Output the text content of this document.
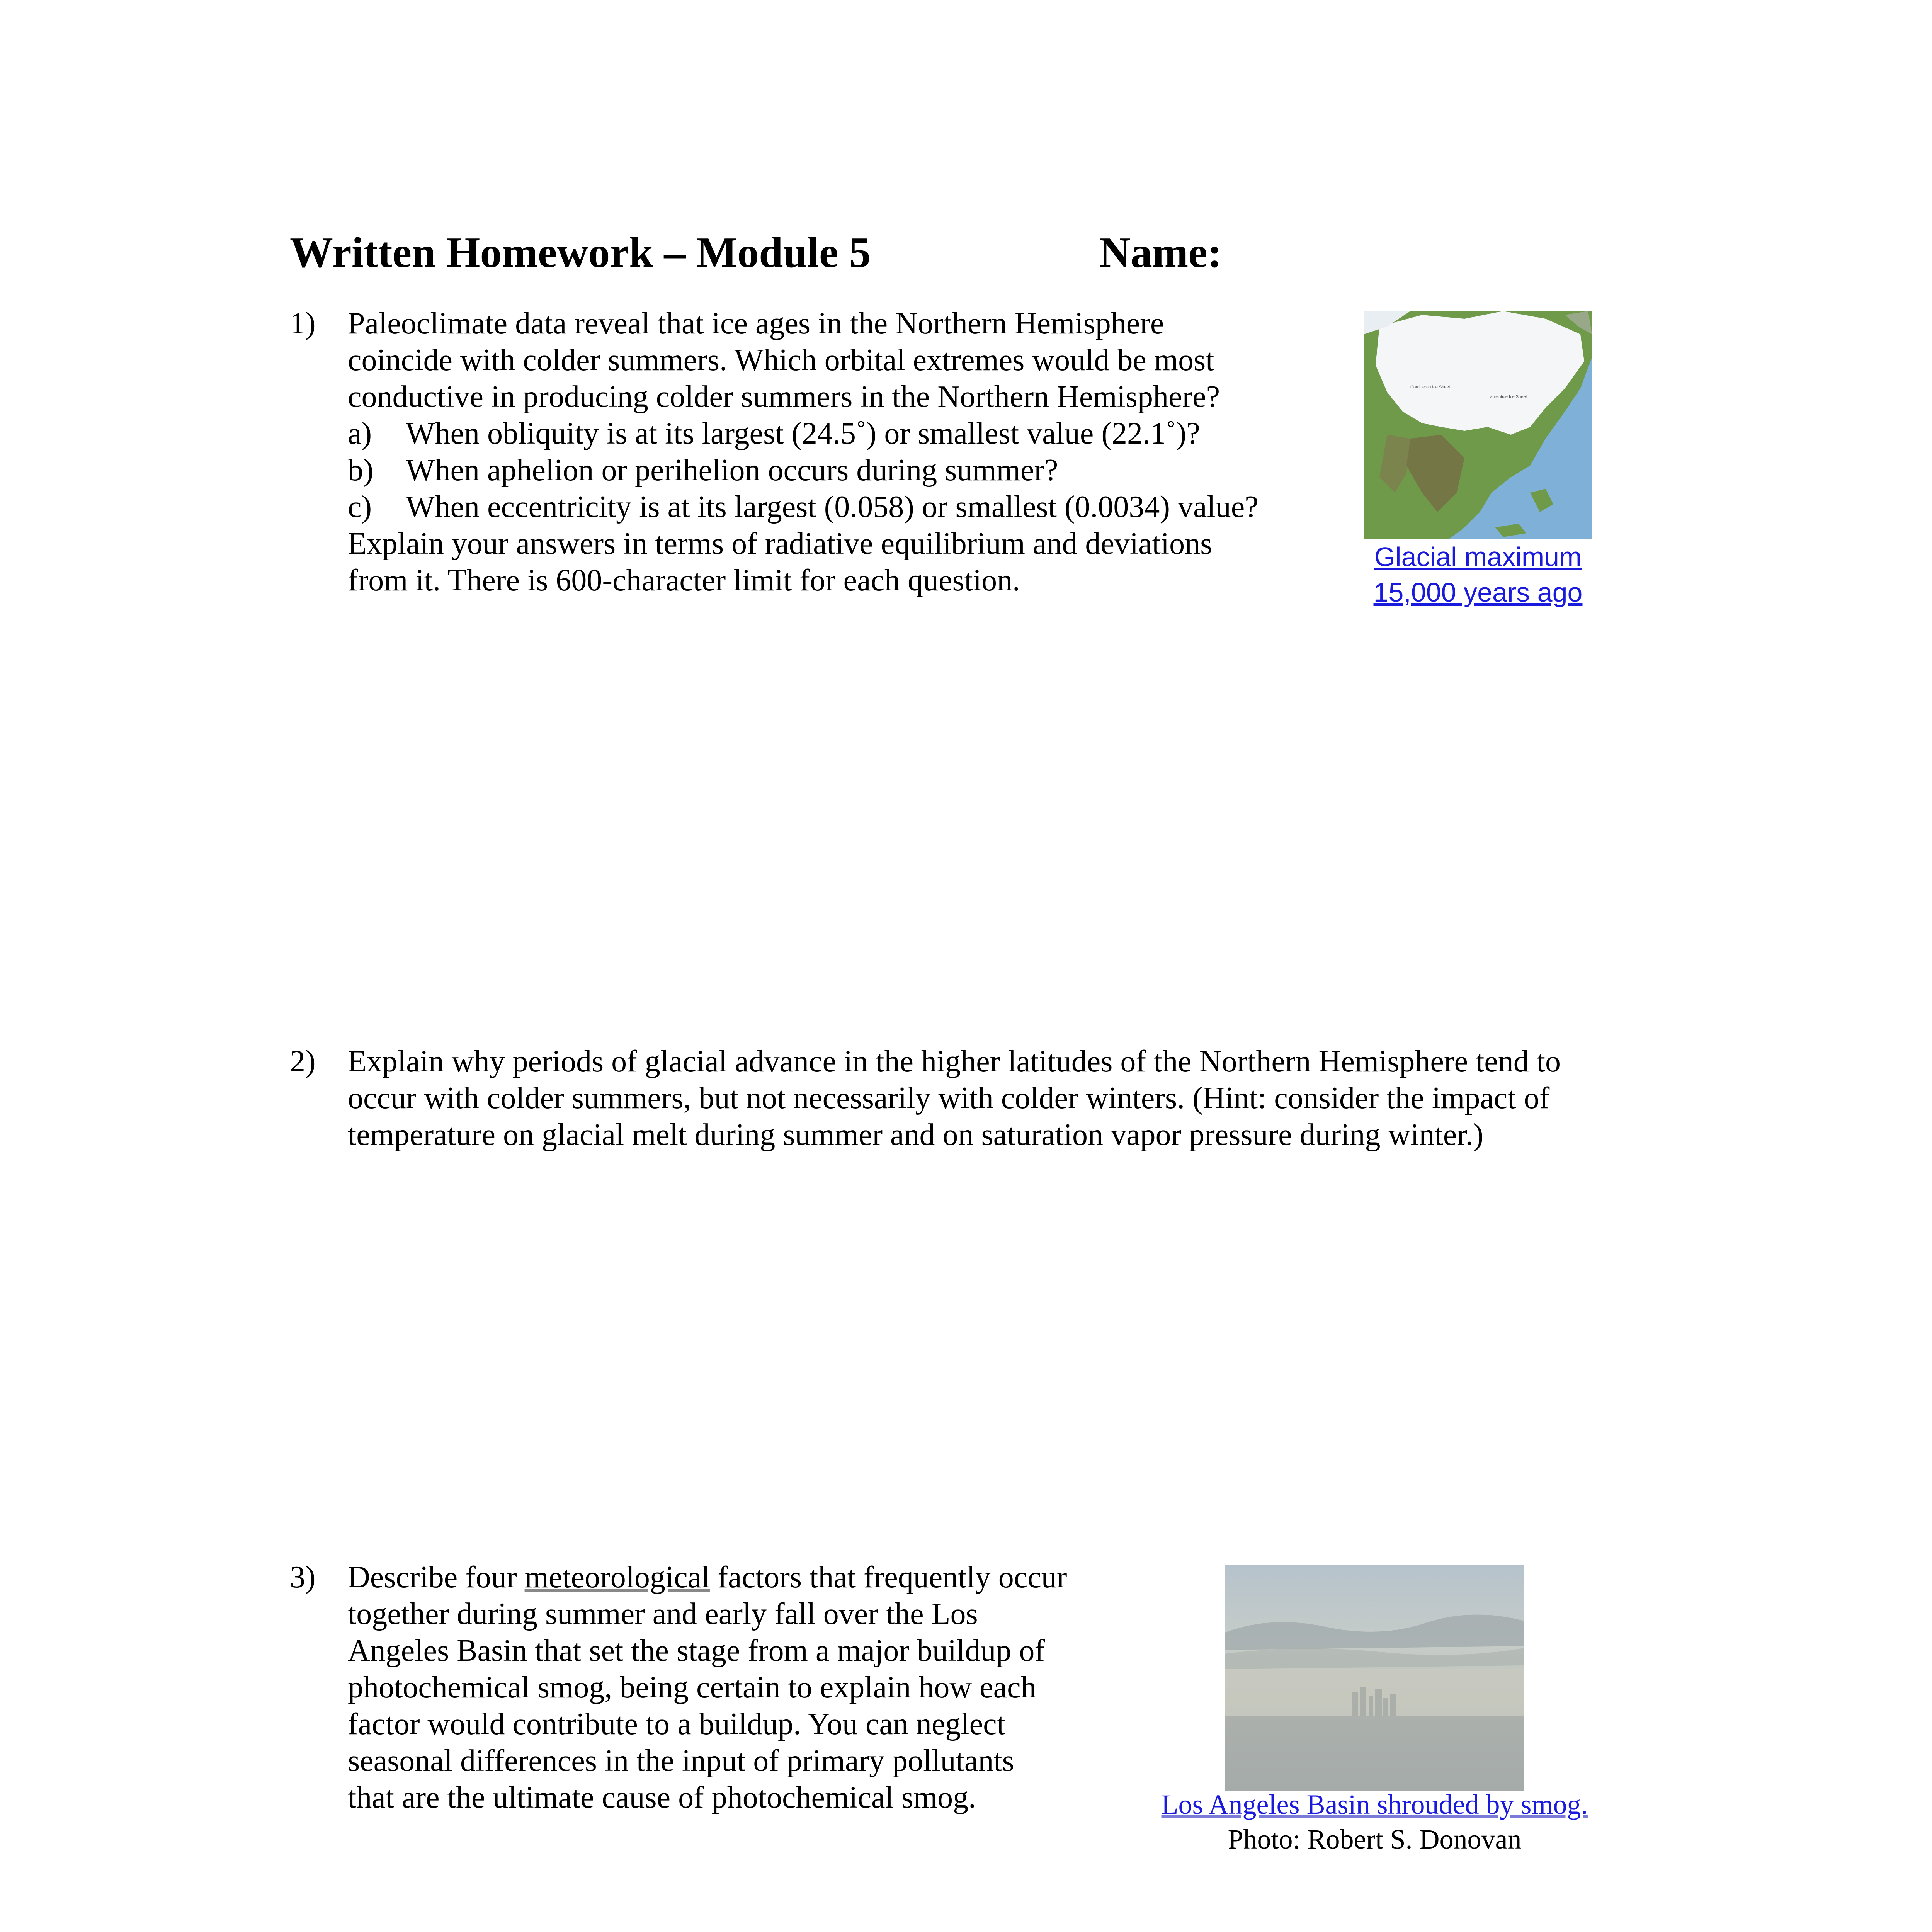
Written Homework – Module 5	Name:
1) Paleoclimate data reveal that ice ages in the Northern Hemisphere
coincide with colder summers. Which orbital extremes would be most
conductive in producing colder summers in the Northern Hemisphere?
a) When obliquity is at its largest (24.5˚) or smallest value (22.1˚)?
b) When aphelion or perihelion occurs during summer?
c) When eccentricity is at its largest (0.058) or smallest (0.0034) value?
Explain your answers in terms of radiative equilibrium and deviations
from it. There is 600-character limit for each question.
Cordilleran Ice Sheet
Laurentide Ice Sheet
Glacial maximum
15,000 years ago
2) Explain why periods of glacial advance in the higher latitudes of the Northern Hemisphere tend to
occur with colder summers, but not necessarily with colder winters. (Hint: consider the impact of
temperature on glacial melt during summer and on saturation vapor pressure during winter.)
3) Describe four meteorological factors that frequently occur
together during summer and early fall over the Los
Angeles Basin that set the stage from a major buildup of
photochemical smog, being certain to explain how each
factor would contribute to a buildup. You can neglect
seasonal differences in the input of primary pollutants
that are the ultimate cause of photochemical smog.	Los Angeles Basin shrouded by smog.
Photo: Robert S. Donovan
